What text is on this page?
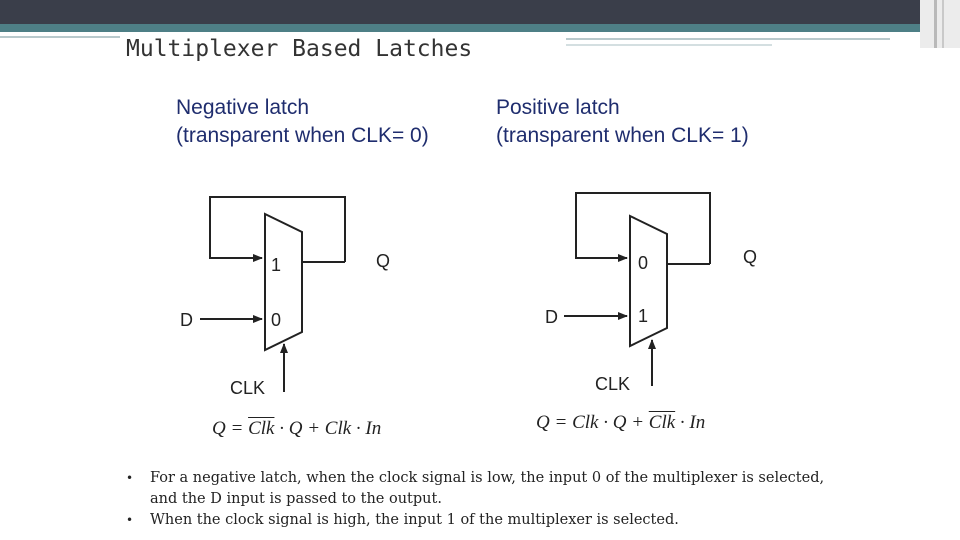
Multiplexer Based Latches
Negative latch
(transparent when CLK= 0)
Positive latch
(transparent when CLK= 1)
1
0
D
Q
CLK
0
1
D
Q
CLK
$Q = \overline{Clk} \cdot Q$ + Clk · In	Q = Clk · $Q + \overline{Clk} \cdot In$
• For a negative latch, when the clock signal is low, the input 0 of the multiplexer is selected, and the D input is passed to the output.
• When the clock signal is high, the input 1 of the multiplexer is selected.
